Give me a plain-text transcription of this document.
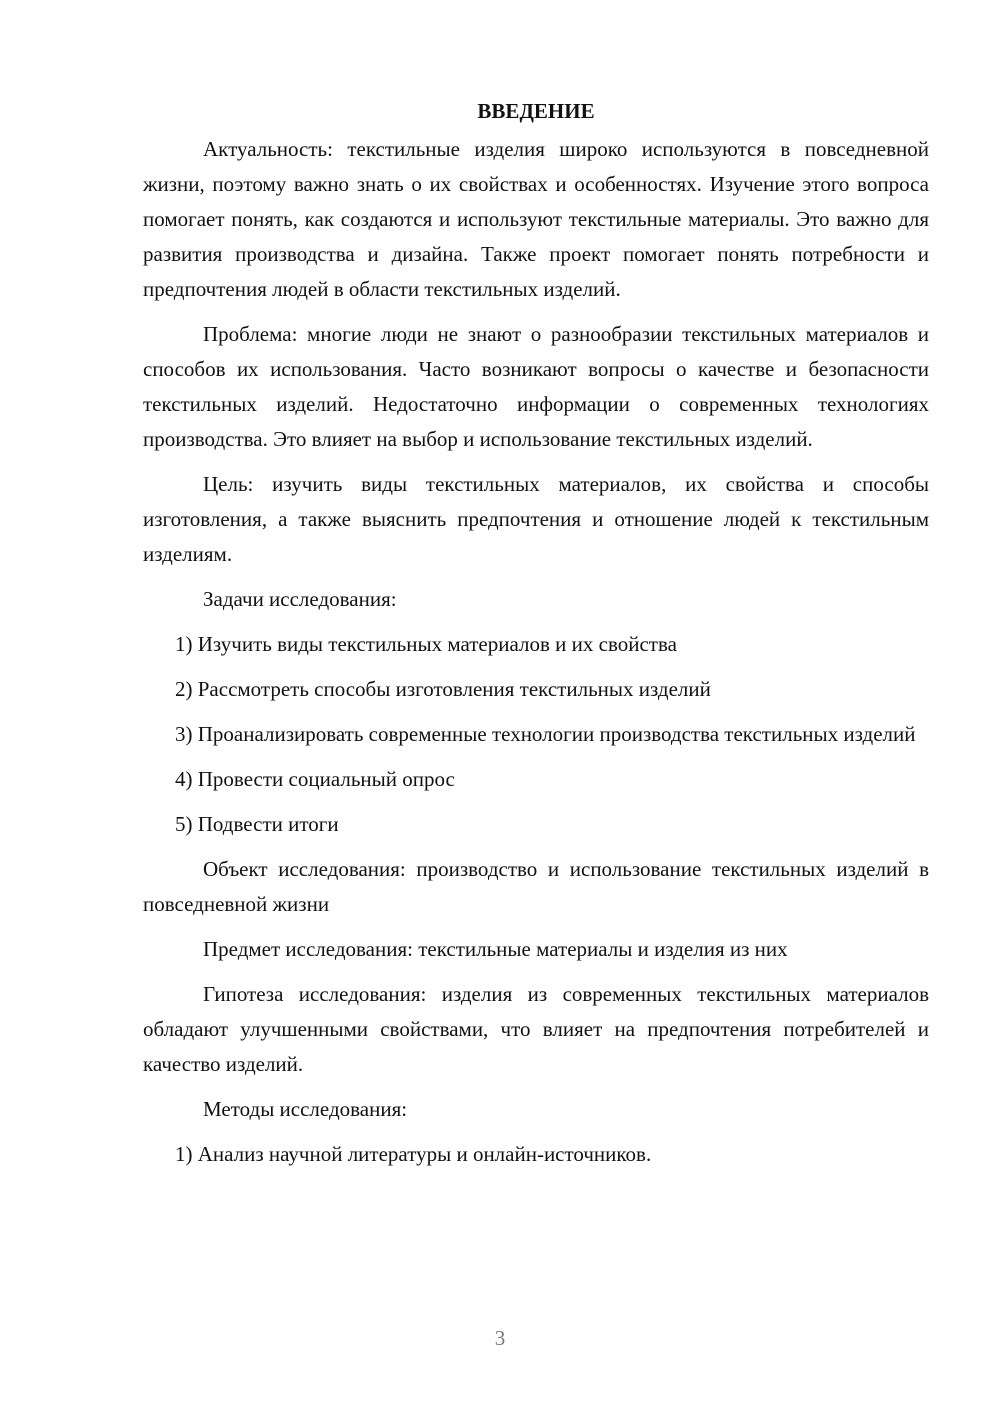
ВВЕДЕНИЕ

Актуальность: текстильные изделия широко используются в повседневной жизни, поэтому важно знать о их свойствах и особенностях. Изучение этого вопроса помогает понять, как создаются и используют текстильные материалы. Это важно для развития производства и дизайна. Также проект помогает понять потребности и предпочтения людей в области текстильных изделий.

Проблема: многие люди не знают о разнообразии текстильных материалов и способов их использования. Часто возникают вопросы о качестве и безопасности текстильных изделий. Недостаточно информации о современных технологиях производства. Это влияет на выбор и использование текстильных изделий.

Цель: изучить виды текстильных материалов, их свойства и способы изготовления, а также выяснить предпочтения и отношение людей к текстильным изделиям.

Задачи исследования:

1) Изучить виды текстильных материалов и их свойства

2) Рассмотреть способы изготовления текстильных изделий

3) Проанализировать современные технологии производства текстильных изделий

4) Провести социальный опрос

5) Подвести итоги

Объект исследования: производство и использование текстильных изделий в повседневной жизни

Предмет исследования: текстильные материалы и изделия из них

Гипотеза исследования: изделия из современных текстильных материалов обладают улучшенными свойствами, что влияет на предпочтения потребителей и качество изделий.

Методы исследования:

1) Анализ научной литературы и онлайн-источников.

3
